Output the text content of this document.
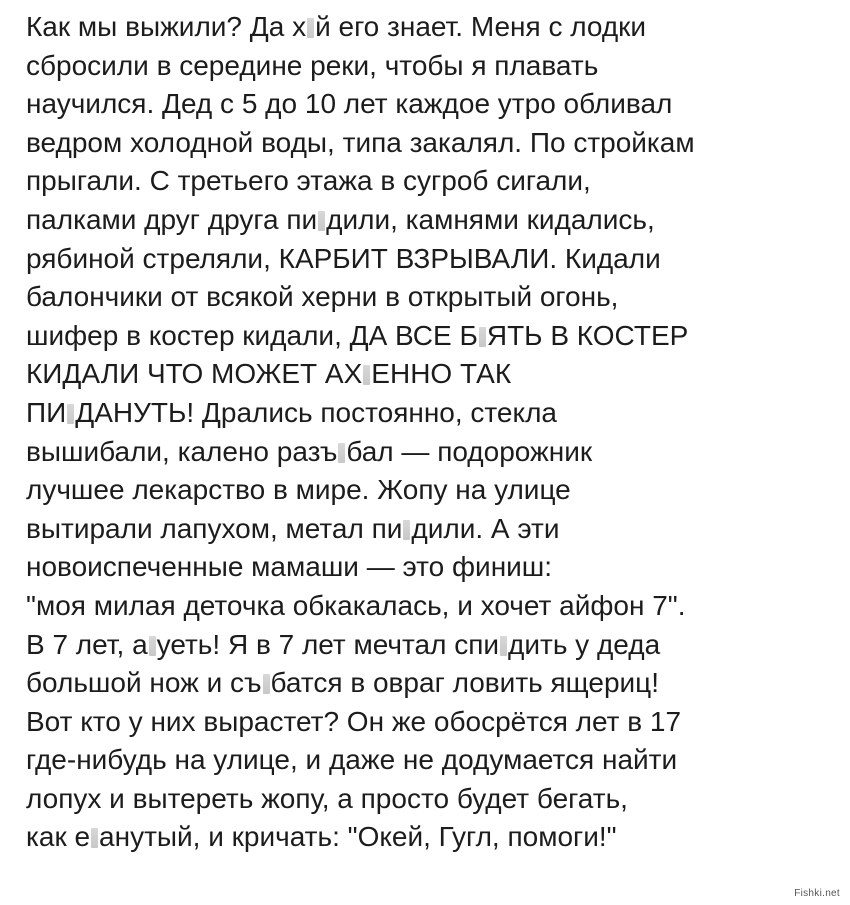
Как мы выжили? Да х й его знает. Меня с лодки
сбросили в середине реки, чтобы я плавать
научился. Дед с 5 до 10 лет каждое утро обливал
ведром холодной воды, типа закалял. По стройкам
прыгали. С третьего этажа в сугроб сигали,
палками друг друга пи дили, камнями кидались,
рябиной стреляли, КАРБИТ ВЗРЫВАЛИ. Кидали
балончики от всякой херни в открытый огонь,
шифер в костер кидали, ДА ВСЕ Б ЯТЬ В КОСТЕР
КИДАЛИ ЧТО МОЖЕТ АХ ЕННО ТАК
ПИ ДАНУТЬ! Дрались постоянно, стекла
вышибали, калено разъ бал — подорожник
лучшее лекарство в мире. Жопу на улице
вытирали лапухом, метал пи дили. А эти
новоиспеченные мамаши — это финиш:
"моя милая деточка обкакалась, и хочет айфон 7".
В 7 лет, а уеть! Я в 7 лет мечтал спи дить у деда
большой нож и съ батся в овраг ловить ящериц!
Вот кто у них вырастет? Он же обосрётся лет в 17
где-нибудь на улице, и даже не додумается найти
лопух и вытереть жопу, а просто будет бегать,
как е анутый, и кричать: "Окей, Гугл, помоги!"
Fishki.net
